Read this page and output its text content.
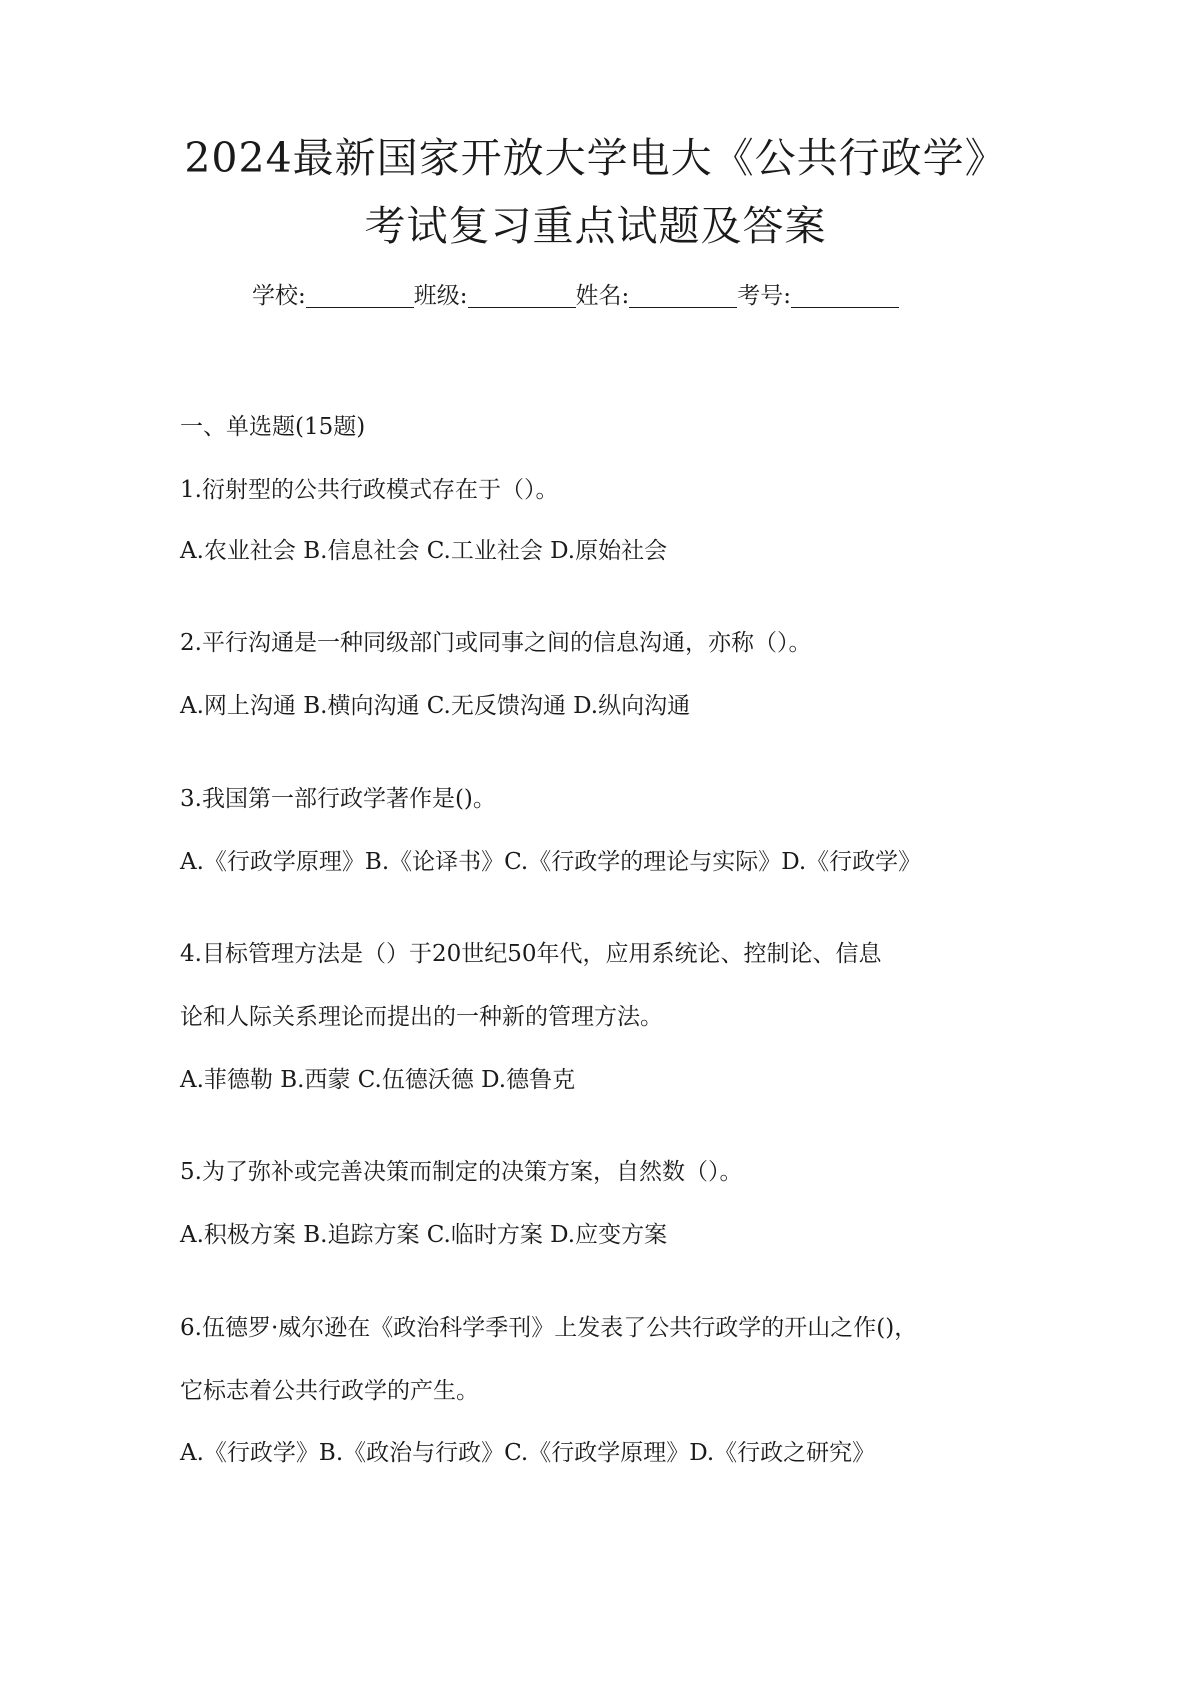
2024最新国家开放大学电大《公共行政学》
考试复习重点试题及答案
学校:	班级:	姓名:	考号:
一、单选题(15题)
1.衍射型的公共行政模式存在于（）。
A.农业社会 B.信息社会 C.工业社会 D.原始社会
2.平行沟通是一种同级部门或同事之间的信息沟通，亦称（）。
A.网上沟通 B.横向沟通 C.无反馈沟通 D.纵向沟通
3.我国第一部行政学著作是()。
A.《行政学原理》B.《论译书》C.《行政学的理论与实际》D.《行政学》
4.目标管理方法是（）于20世纪50年代，应用系统论、控制论、信息
论和人际关系理论而提出的一种新的管理方法。
A.菲德勒 B.西蒙 C.伍德沃德 D.德鲁克
5.为了弥补或完善决策而制定的决策方案，自然数（）。
A.积极方案 B.追踪方案 C.临时方案 D.应变方案
6.伍德罗·威尔逊在《政治科学季刊》上发表了公共行政学的开山之作()，
它标志着公共行政学的产生。
A.《行政学》B.《政治与行政》C.《行政学原理》D.《行政之研究》
